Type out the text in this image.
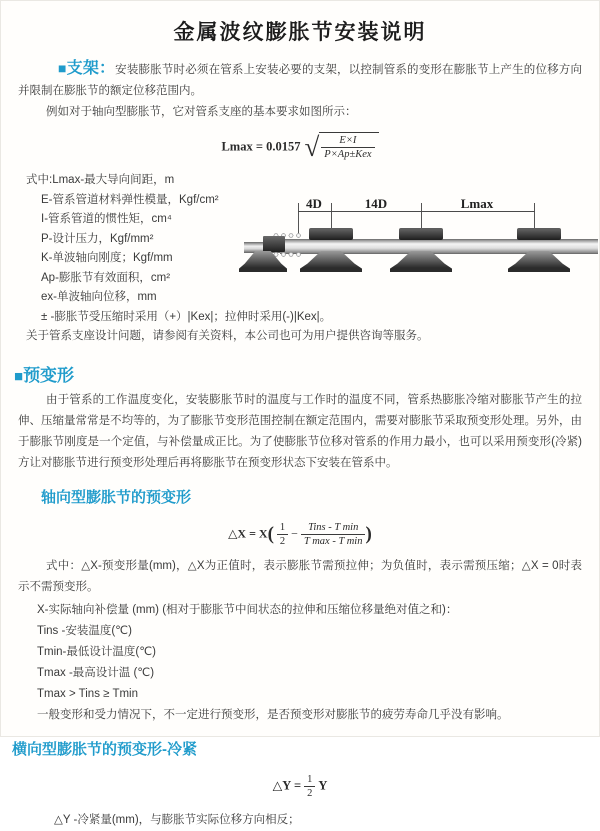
金属波纹膨胀节安装说明

■支架：安装膨胀节时必须在管系上安装必要的支架，以控制管系的变形在膨胀节上产生的位移方向并限制在膨胀节的额定位移范围内。

例如对于轴向型膨胀节，它对管系支座的基本要求如图所示：

Lmax = 0.0157 √ $\frac{E\times I}{\text{P×Ap±Kex}}$
式中:Lmax-最大导向间距，m
E-管系管道材料弹性模量，Kgf/cm²
I-管系管道的惯性矩，cm⁴
P-设计压力，Kgf/mm²
K-单波轴向刚度；Kgf/mm
Ap-膨胀节有效面积，cm²
ex-单波轴向位移，mm
± -膨胀节受压缩时采用（+）|Kex|；拉伸时采用(-)|Kex|。
关于管系支座设计问题，请参阅有关资料，本公司也可为用户提供咨询等服务。
4D	14D	Lmax
■预变形

由于管系的工作温度变化，安装膨胀节时的温度与工作时的温度不同，管系热膨胀冷缩对膨胀节产生的拉伸、压缩量常常是不均等的，为了膨胀节变形范围控制在额定范围内，需要对膨胀节采取预变形处理。另外，由于膨胀节刚度是一个定值，与补偿量成正比。为了使膨胀节位移对管系的作用力最小，也可以采用预变形(冷紧)方让对膨胀节进行预变形处理后再将膨胀节在预变形状态下安装在管系中。

轴向型膨胀节的预变形
△X = $X( \frac{1}{2} - \frac{\text{Tins - T min}}{\text{T max - T min}}$ )

式中：△X-预变形量(mm)，△X为正值时，表示膨胀节需预拉伸；为负值时，表示需预压缩；△X = 0时表示不需预变形。

X-实际轴向补偿量 (mm) (相对于膨胀节中间状态的拉伸和压缩位移量绝对值之和)：
Tins -安装温度(℃)
Tmin-最低设计温度(℃)
Tmax -最高设计温 (℃)
Tmax > Tins ≥ Tmin
一般变形和受力情况下，不一定进行预变形，是否预变形对膨胀节的疲劳寿命几乎没有影响。
横向型膨胀节的预变形-冷紧
△Y = $\frac{1}{2}$ Y

△Y -冷紧量(mm)，与膨胀节实际位移方向相反；
